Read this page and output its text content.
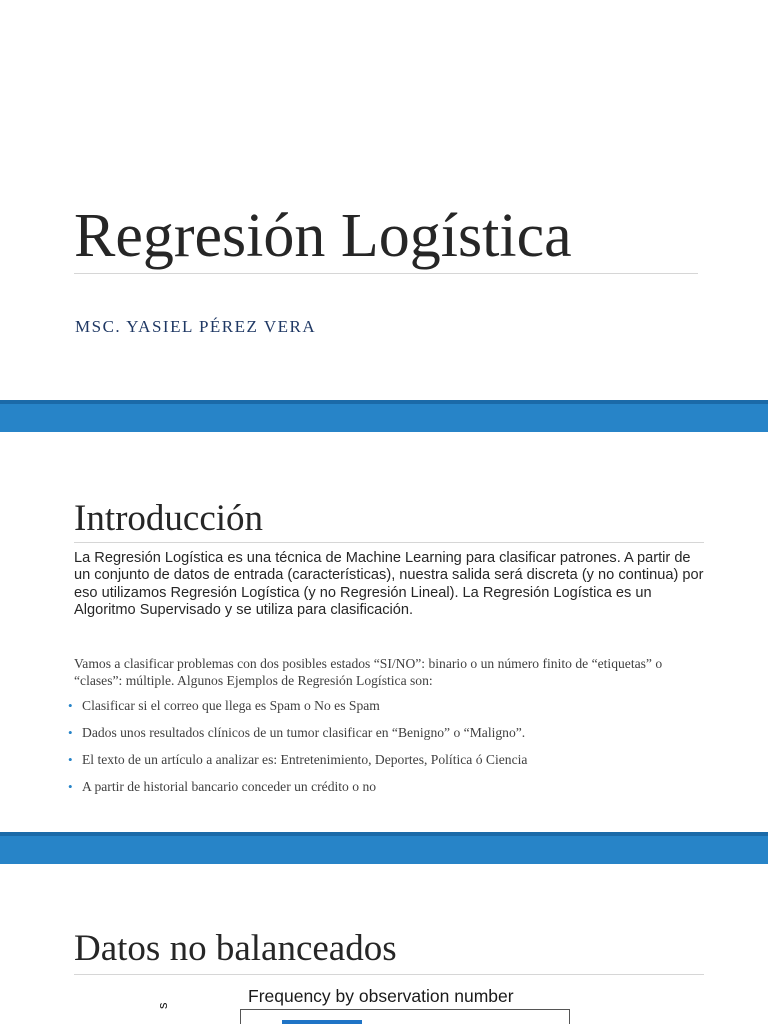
Regresión Logística

MSC. YASIEL PÉREZ VERA

Introducción

La Regresión Logística es una técnica de Machine Learning para clasificar patrones. A partir de un conjunto de datos de entrada (características), nuestra salida será discreta (y no continua) por eso utilizamos Regresión Logística (y no Regresión Lineal). La Regresión Logística es un Algoritmo Supervisado y se utiliza para clasificación.

Vamos a clasificar problemas con dos posibles estados “SI/NO”: binario o un número finito de “etiquetas” o “clases”: múltiple. Algunos Ejemplos de Regresión Logística son:

• Clasificar si el correo que llega es Spam o No es Spam
• Dados unos resultados clínicos de un tumor clasificar en “Benigno” o “Maligno”.
• El texto de un artículo a analizar es: Entretenimiento, Deportes, Política ó Ciencia
• A partir de historial bancario conceder un crédito o no
Datos no balanceados

Frequency by observation number

s
